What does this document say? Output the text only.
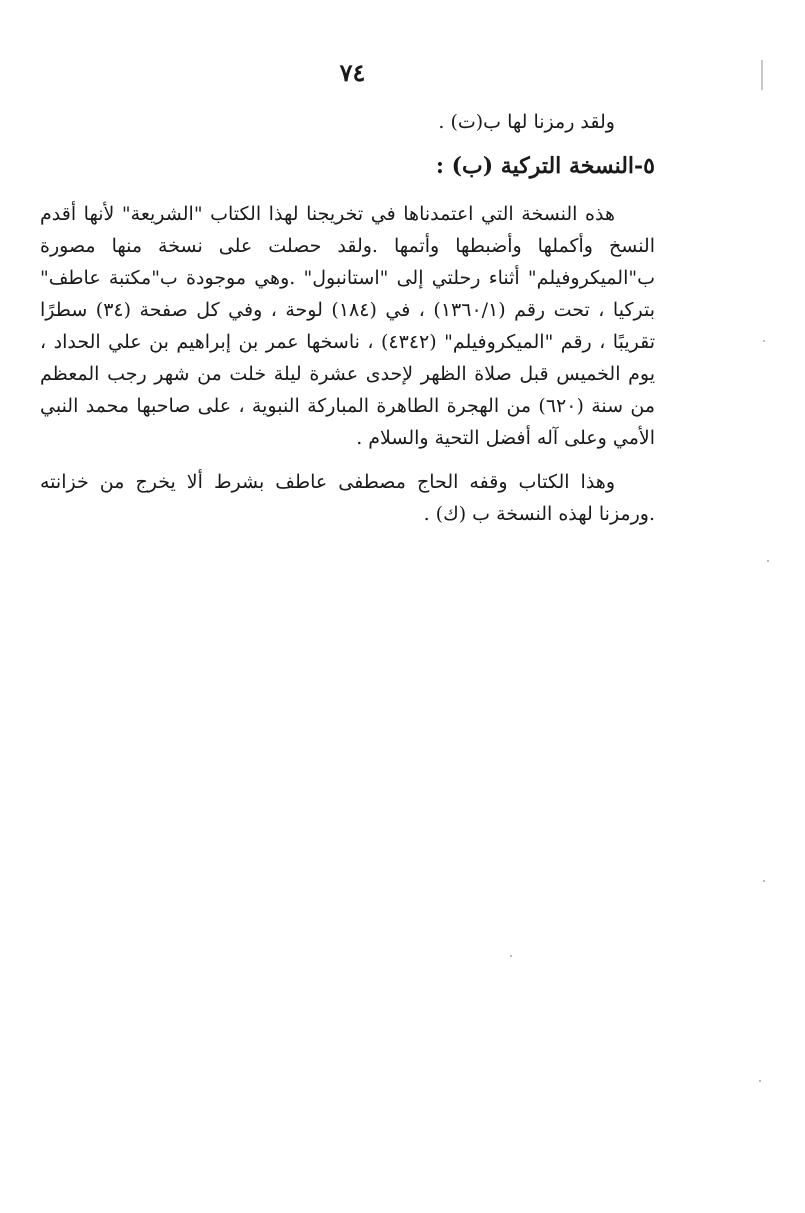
٧٤

ولقد رمزنا لها ب(ت) .

٥-النسخة التركية (ب) :

هذه النسخة التي اعتمدناها في تخريجنا لهذا الكتاب "الشريعة" لأنها أقدم النسخ وأكملها وأضبطها وأتمها .ولقد حصلت على نسخة منها مصورة ب"الميكروفيلم" أثناء رحلتي إلى "استانبول" .وهي موجودة ب"مكتبة عاطف" بتركيا ، تحت رقم (١٣٦٠/١) ، في (١٨٤) لوحة ، وفي كل صفحة (٣٤) سطرًا تقريبًا ، رقم "الميكروفيلم" (٤٣٤٢) ، ناسخها عمر بن إبراهيم بن علي الحداد ، يوم الخميس قبل صلاة الظهر لإحدى عشرة ليلة خلت من شهر رجب المعظم من سنة (٦٢٠) من الهجرة الطاهرة المباركة النبوية ، على صاحبها محمد النبي الأمي وعلى آله أفضل التحية والسلام .

وهذا الكتاب وقفه الحاج مصطفى عاطف بشرط ألا يخرج من خزانته .ورمزنا لهذه النسخة ب (ك) .
